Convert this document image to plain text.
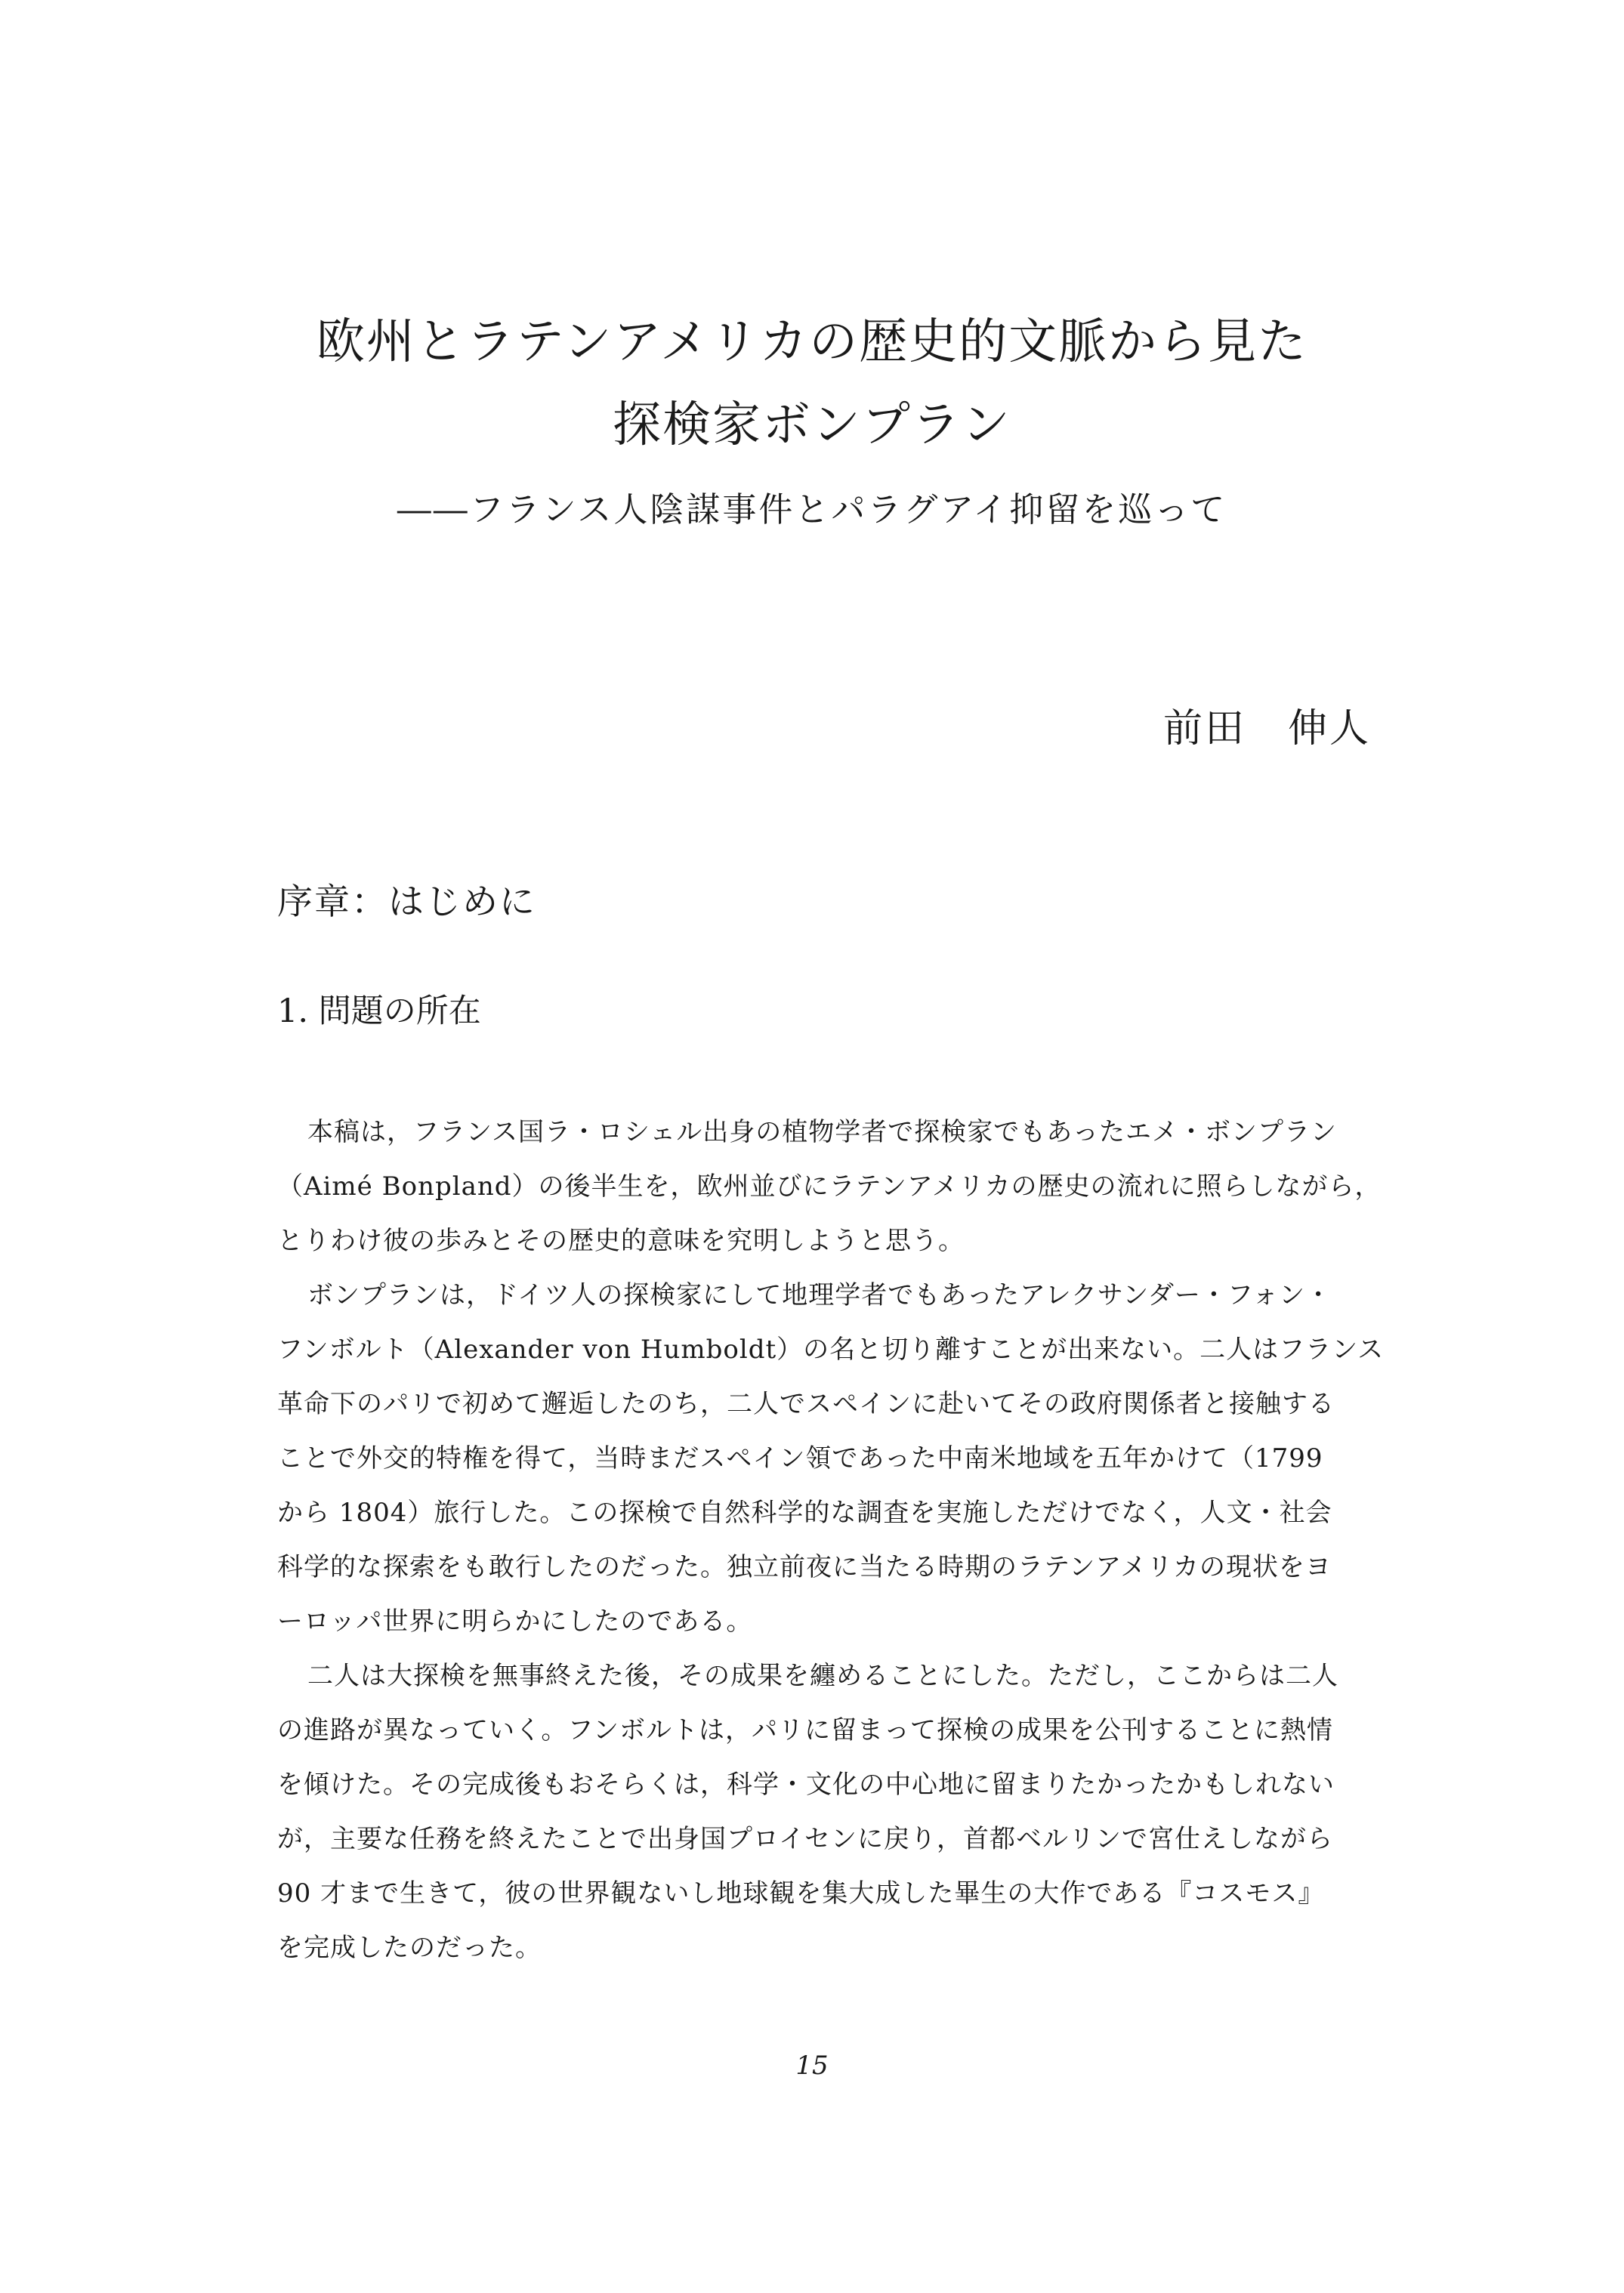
欧州とラテンアメリカの歴史的文脈から見た
探検家ボンプラン
――フランス人陰謀事件とパラグアイ抑留を巡って
前田　伸人
序章：はじめに
1. 問題の所在
本稿は，フランス国ラ・ロシェル出身の植物学者で探検家でもあったエメ・ボンプラン
（Aimé Bonpland）の後半生を，欧州並びにラテンアメリカの歴史の流れに照らしながら，
とりわけ彼の歩みとその歴史的意味を究明しようと思う。
ボンプランは，ドイツ人の探検家にして地理学者でもあったアレクサンダー・フォン・
フンボルト（Alexander von Humboldt）の名と切り離すことが出来ない。二人はフランス
革命下のパリで初めて邂逅したのち，二人でスペインに赴いてその政府関係者と接触する
ことで外交的特権を得て，当時まだスペイン領であった中南米地域を五年かけて（1799
から 1804）旅行した。この探検で自然科学的な調査を実施しただけでなく，人文・社会
科学的な探索をも敢行したのだった。独立前夜に当たる時期のラテンアメリカの現状をヨ
ーロッパ世界に明らかにしたのである。
二人は大探検を無事終えた後，その成果を纏めることにした。ただし，ここからは二人
の進路が異なっていく。フンボルトは，パリに留まって探検の成果を公刊することに熱情
を傾けた。その完成後もおそらくは，科学・文化の中心地に留まりたかったかもしれない
が，主要な任務を終えたことで出身国プロイセンに戻り，首都ベルリンで宮仕えしながら
90 才まで生きて，彼の世界観ないし地球観を集大成した畢生の大作である『コスモス』
を完成したのだった。
15
